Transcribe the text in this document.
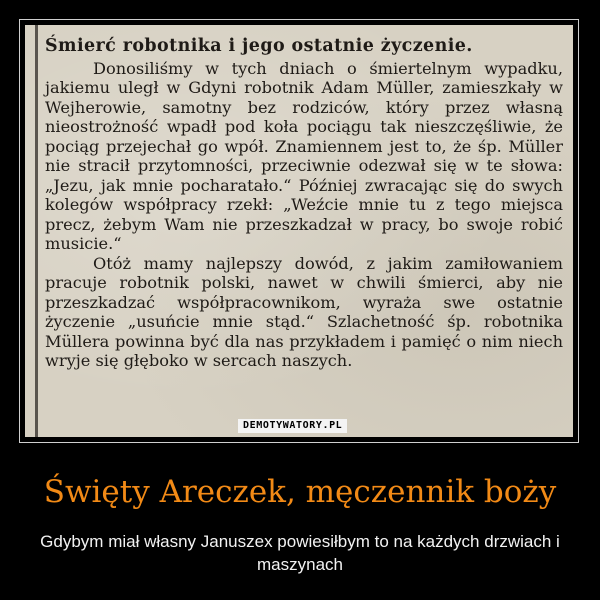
Śmierć robotnika i jego ostatnie życzenie.

Donosiliśmy w tych dniach o śmiertelnym wypadku, jakiemu uległ w Gdyni robotnik Adam Müller, zamieszkały w Wejherowie, samotny bez rodziców, który przez własną nieostrożność wpadł pod koła pociągu tak nieszczęśliwie, że pociąg przejechał go wpół. Znamiennem jest to, że śp. Müller nie stracił przytomności, przeciwnie odezwał się w te słowa: „Jezu, jak mnie pocharatało.“ Później zwracając się do swych kolegów współpracy rzekł: „Weźcie mnie tu z tego miejsca precz, żebym Wam nie przeszkadzał w pracy, bo swoje robić musicie.“

Otóż mamy najlepszy dowód, z jakim zamiłowaniem pracuje robotnik polski, nawet w chwili śmierci, aby nie przeszkadzać współpracownikom, wyraża swe ostatnie życzenie „usuńcie mnie stąd.“ Szlachetność śp. robotnika Müllera powinna być dla nas przykładem i pamięć o nim niech wryje się głęboko w sercach naszych.

DEMOTYWATORY.PL
Święty Areczek, męczennik boży
Gdybym miał własny Januszex powiesiłbym to na każdych drzwiach i maszynach
